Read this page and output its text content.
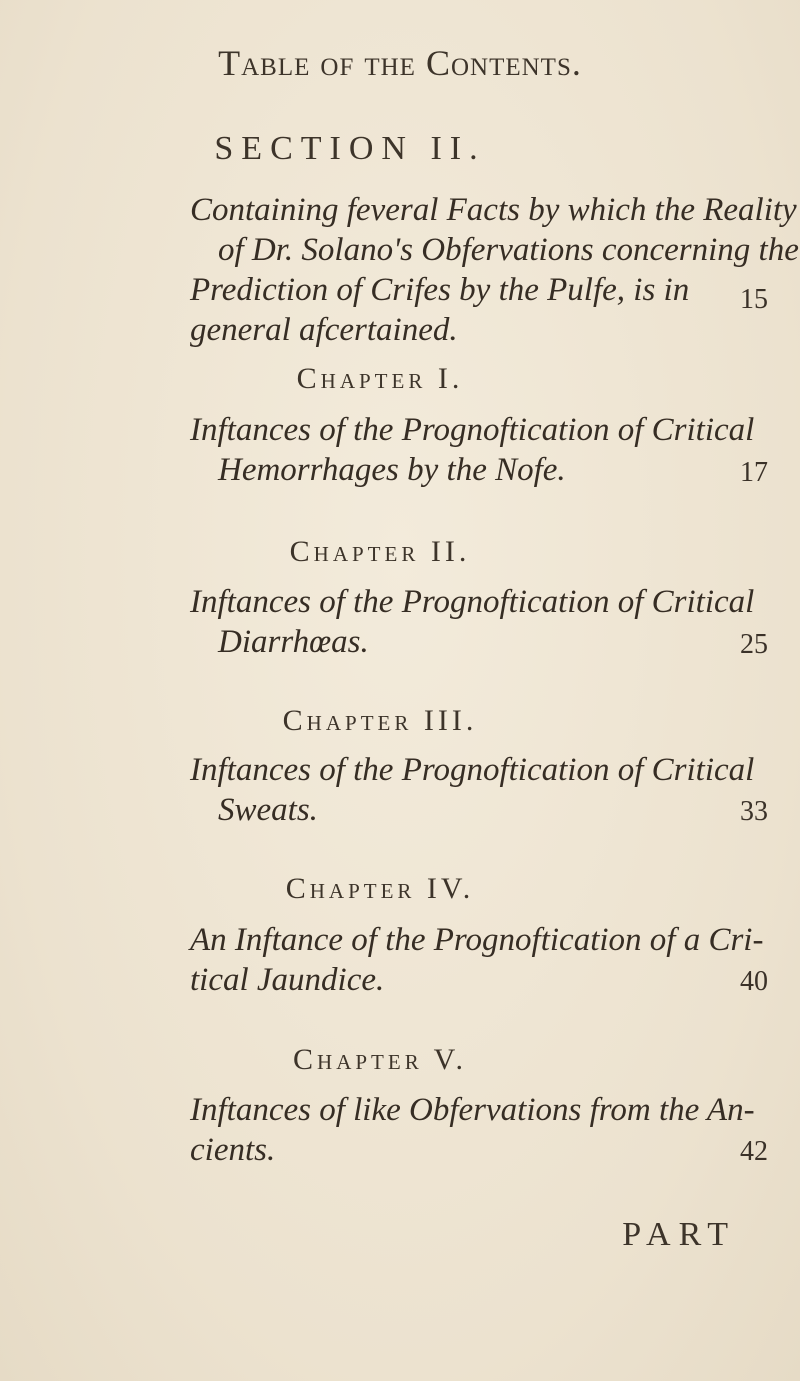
Table of the Contents.
SECTION II.
Containing feveral Facts by which the Reality
of Dr. Solano's Obfervations concerning the
Prediction of Crifes by the Pulfe, is in
general afcertained.
15
Chapter I.
Inftances of the Prognoftication of Critical
Hemorrhages by the Nofe.	17
Chapter II.
Inftances of the Prognoftication of Critical
Diarrhœas.	25
Chapter III.
Inftances of the Prognoftication of Critical
Sweats.	33
Chapter IV.
An Inftance of the Prognoftication of a Cri-
tical Jaundice.	40
Chapter V.
Inftances of like Obfervations from the An-
cients.	42
PART
